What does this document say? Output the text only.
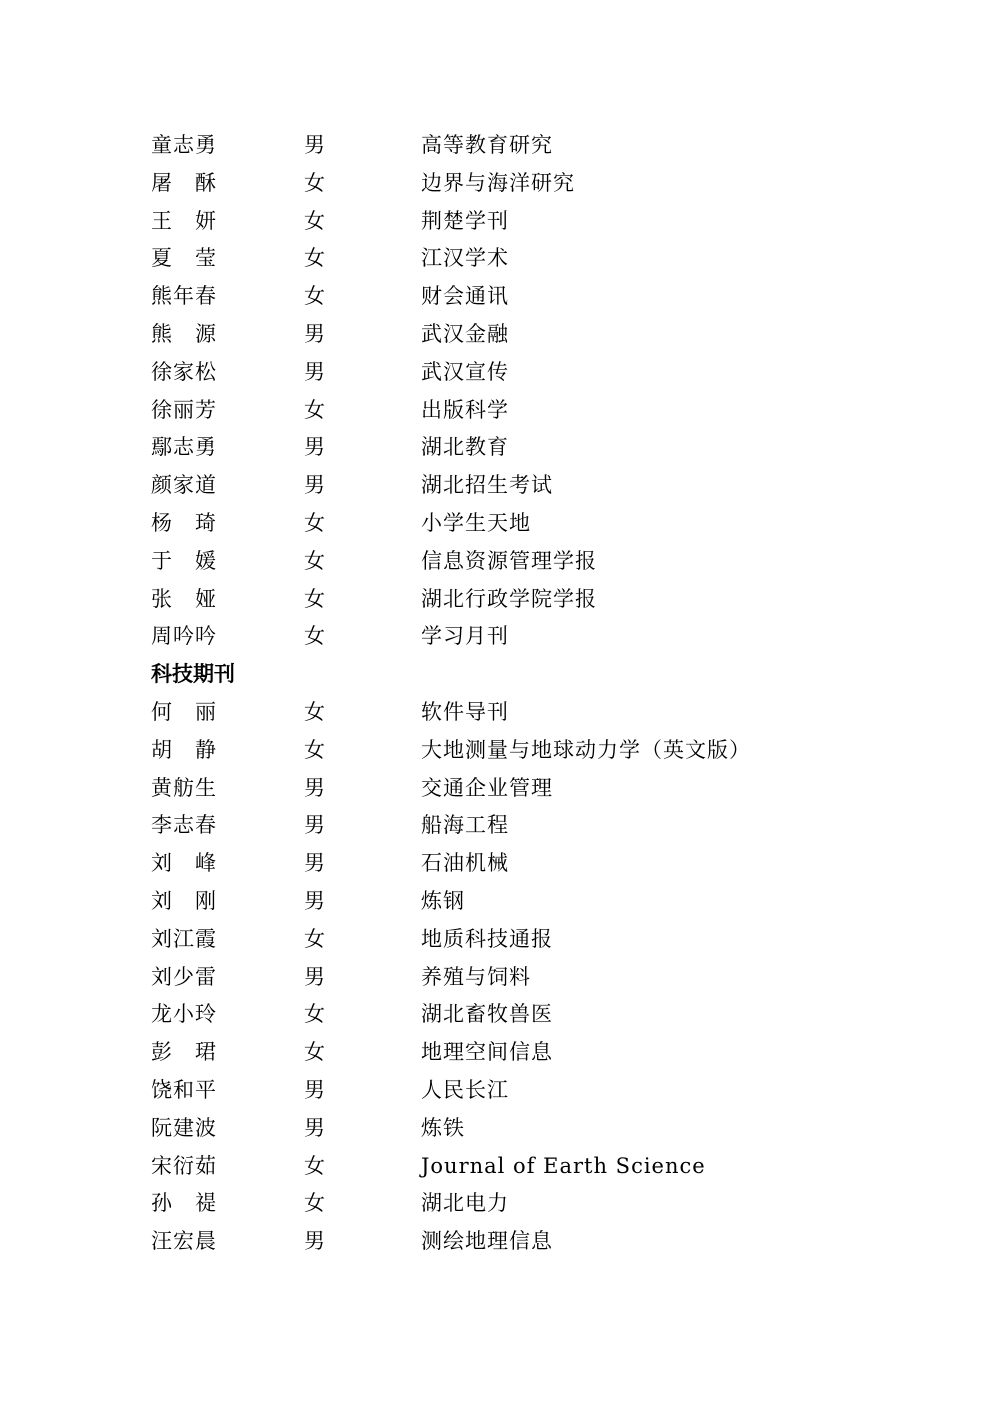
童志勇	男	高等教育研究
屠　酥	女	边界与海洋研究
王　妍	女	荆楚学刊
夏　莹	女	江汉学术
熊年春	女	财会通讯
熊　源	男	武汉金融
徐家松	男	武汉宣传
徐丽芳	女	出版科学
鄢志勇	男	湖北教育
颜家道	男	湖北招生考试
杨　琦	女	小学生天地
于　媛	女	信息资源管理学报
张　娅	女	湖北行政学院学报
周吟吟	女	学习月刊
科技期刊
何　丽	女	软件导刊
胡　静	女	大地测量与地球动力学（英文版）
黄舫生	男	交通企业管理
李志春	男	船海工程
刘　峰	男	石油机械
刘　刚	男	炼钢
刘江霞	女	地质科技通报
刘少雷	男	养殖与饲料
龙小玲	女	湖北畜牧兽医
彭　珺	女	地理空间信息
饶和平	男	人民长江
阮建波	男	炼铁
宋衍茹	女	Journal of Earth Science
孙　禔	女	湖北电力
汪宏晨	男	测绘地理信息
